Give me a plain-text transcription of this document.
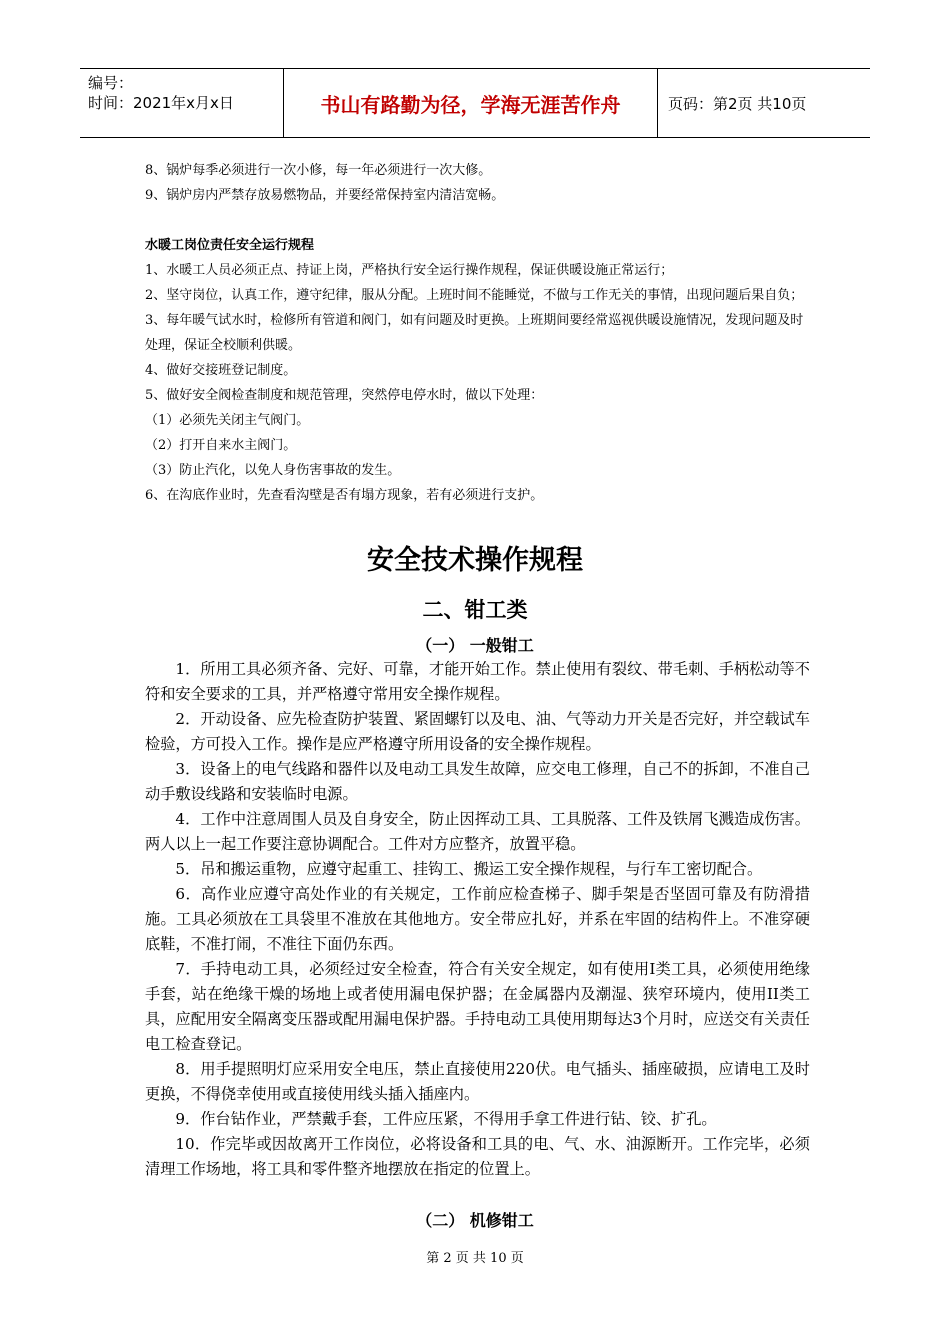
编号：
时间：2021年x月x日	书山有路勤为径，学海无涯苦作舟	页码：第2页 共10页

8、锅炉每季必须进行一次小修，每一年必须进行一次大修。

9、锅炉房内严禁存放易燃物品，并要经常保持室内清洁宽畅。

水暖工岗位责任安全运行规程

1、水暖工人员必须正点、持证上岗，严格执行安全运行操作规程，保证供暖设施正常运行；

2、坚守岗位，认真工作，遵守纪律，服从分配。上班时间不能睡觉，不做与工作无关的事情，出现问题后果自负；

3、每年暖气试水时，检修所有管道和阀门，如有问题及时更换。上班期间要经常巡视供暖设施情况，发现问题及时处理，保证全校顺利供暖。

4、做好交接班登记制度。

5、做好安全阀检查制度和规范管理，突然停电停水时，做以下处理：

（1）必须先关闭主气阀门。

（2）打开自来水主阀门。

（3）防止汽化，以免人身伤害事故的发生。

6、在沟底作业时，先查看沟壁是否有塌方现象，若有必须进行支护。

安全技术操作规程
二、钳工类
（一） 一般钳工

1．所用工具必须齐备、完好、可靠，才能开始工作。禁止使用有裂纹、带毛刺、手柄松动等不符和安全要求的工具，并严格遵守常用安全操作规程。

2．开动设备、应先检查防护装置、紧固螺钉以及电、油、气等动力开关是否完好，并空载试车检验，方可投入工作。操作是应严格遵守所用设备的安全操作规程。

3．设备上的电气线路和器件以及电动工具发生故障，应交电工修理，自己不的拆卸，不准自己动手敷设线路和安装临时电源。

4．工作中注意周围人员及自身安全，防止因挥动工具、工具脱落、工件及铁屑飞溅造成伤害。两人以上一起工作要注意协调配合。工件对方应整齐，放置平稳。

5．吊和搬运重物，应遵守起重工、挂钩工、搬运工安全操作规程，与行车工密切配合。

6．高作业应遵守高处作业的有关规定，工作前应检查梯子、脚手架是否坚固可靠及有防滑措施。工具必须放在工具袋里不准放在其他地方。安全带应扎好，并系在牢固的结构件上。不准穿硬底鞋，不准打闹，不准往下面仍东西。

7．手持电动工具，必须经过安全检查，符合有关安全规定，如有使用I类工具，必须使用绝缘手套，站在绝缘干燥的场地上或者使用漏电保护器；在金属器内及潮湿、狭窄环境内，使用II类工具，应配用安全隔离变压器或配用漏电保护器。手持电动工具使用期每达3个月时，应送交有关责任电工检查登记。

8．用手提照明灯应采用安全电压，禁止直接使用220伏。电气插头、插座破损，应请电工及时更换，不得侥幸使用或直接使用线头插入插座内。

9．作台钻作业，严禁戴手套，工件应压紧，不得用手拿工件进行钻、铰、扩孔。

10．作完毕或因故离开工作岗位，必将设备和工具的电、气、水、油源断开。工作完毕，必须清理工作场地，将工具和零件整齐地摆放在指定的位置上。

（二） 机修钳工
第 2 页 共 10 页
